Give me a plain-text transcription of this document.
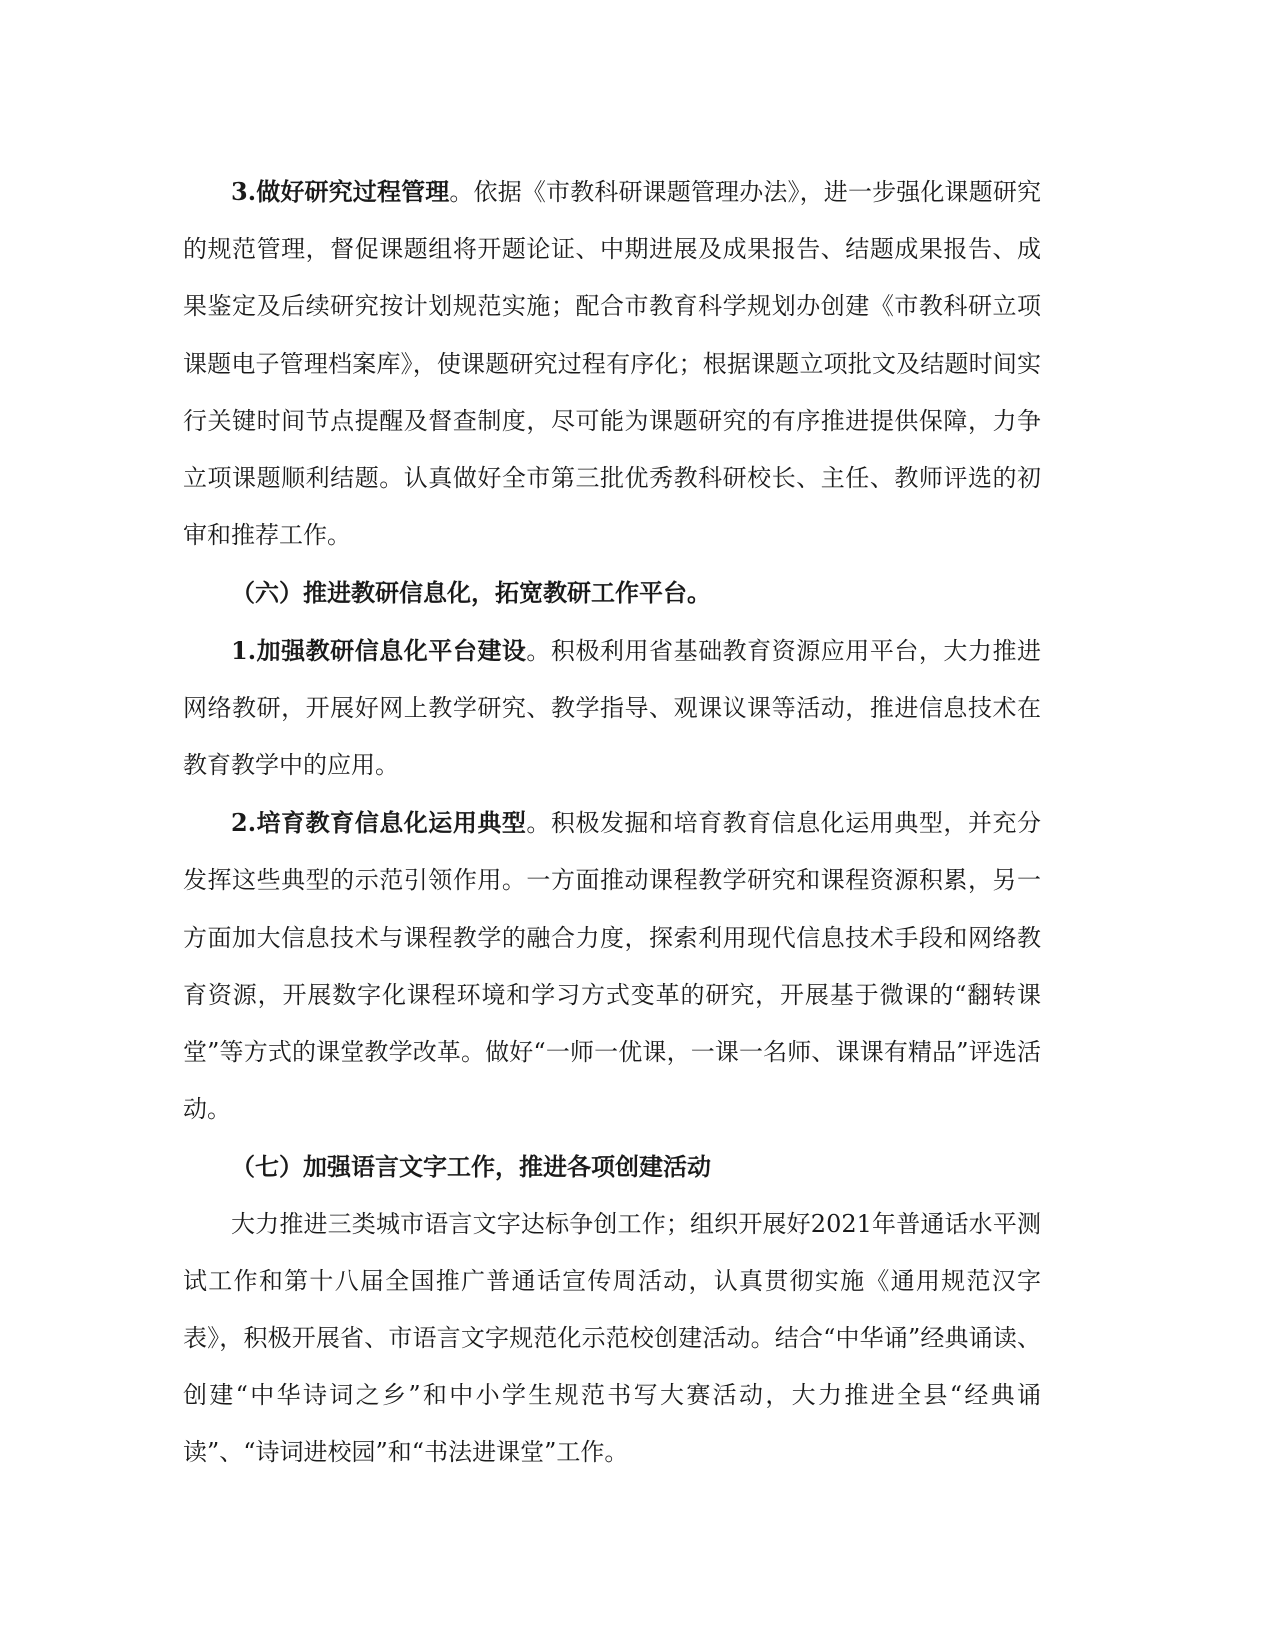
3.做好研究过程管理。依据《市教科研课题管理办法》，进一步强化课题研究的规范管理，督促课题组将开题论证、中期进展及成果报告、结题成果报告、成果鉴定及后续研究按计划规范实施；配合市教育科学规划办创建《市教科研立项课题电子管理档案库》，使课题研究过程有序化；根据课题立项批文及结题时间实行关键时间节点提醒及督查制度，尽可能为课题研究的有序推进提供保障，力争立项课题顺利结题。认真做好全市第三批优秀教科研校长、主任、教师评选的初审和推荐工作。

（六）推进教研信息化，拓宽教研工作平台。

1.加强教研信息化平台建设。积极利用省基础教育资源应用平台，大力推进网络教研，开展好网上教学研究、教学指导、观课议课等活动，推进信息技术在教育教学中的应用。

2.培育教育信息化运用典型。积极发掘和培育教育信息化运用典型，并充分发挥这些典型的示范引领作用。一方面推动课程教学研究和课程资源积累，另一方面加大信息技术与课程教学的融合力度，探索利用现代信息技术手段和网络教育资源，开展数字化课程环境和学习方式变革的研究，开展基于微课的“翻转课堂”等方式的课堂教学改革。做好“一师一优课，一课一名师、课课有精品”评选活动。

（七）加强语言文字工作，推进各项创建活动

大力推进三类城市语言文字达标争创工作；组织开展好2021年普通话水平测试工作和第十八届全国推广普通话宣传周活动，认真贯彻实施《通用规范汉字表》，积极开展省、市语言文字规范化示范校创建活动。结合“中华诵”经典诵读、创建“中华诗词之乡”和中小学生规范书写大赛活动，大力推进全县“经典诵读”、“诗词进校园”和“书法进课堂”工作。
